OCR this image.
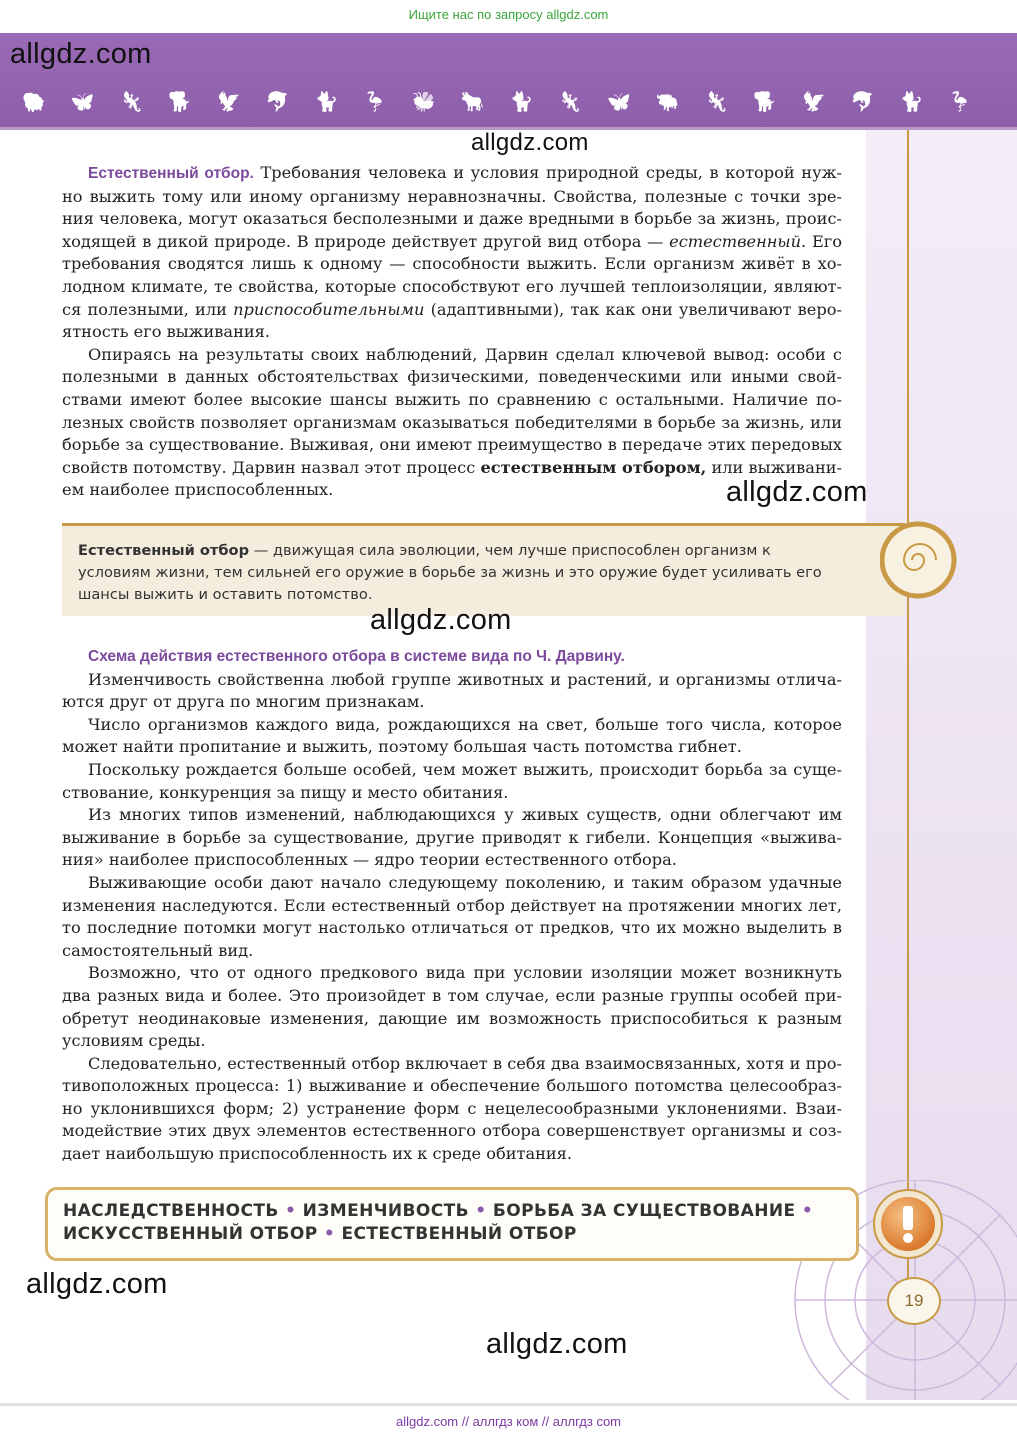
Ищите нас по запросу allgdz.com
🐏 🦋 🦎 🐕 🦅 🐬 🐈 🦩 🐝 🐂 🐈 🦎 🦋 🐃 🦎 🐕 🦅 🐬 🐈 🦩
allgdz.com
allgdz.com
allgdz.com
allgdz.com
allgdz.com
allgdz.com

Естественный отбор. Требования человека и условия природной среды, в которой нужно выжить тому или иному организму неравнозначны. Свойства, полезные с точки зрения человека, могут оказаться бесполезными и даже вредными в борьбе за жизнь, происходящей в дикой природе. В природе действует другой вид отбора — естественный. Его требования сводятся лишь к одному — способности выжить. Если организм живёт в холодном климате, те свойства, которые способствуют его лучшей теплоизоляции, являются полезными, или приспособительными (адаптивными), так как они увеличивают вероятность его выживания.

Опираясь на результаты своих наблюдений, Дарвин сделал ключевой вывод: особи с полезными в данных обстоятельствах физическими, поведенческими или иными свойствами имеют более высокие шансы выжить по сравнению с остальными. Наличие полезных свойств позволяет организмам оказываться победителями в борьбе за жизнь, или борьбе за существование. Выживая, они имеют преимущество в передаче этих передовых свойств потомству. Дарвин назвал этот процесс естественным отбором, или выживанием наиболее приспособленных.

Естественный отбор — движущая сила эволюции, чем лучше приспособлен организм к условиям жизни, тем сильней его оружие в борьбе за жизнь и это оружие будет усиливать его шансы выжить и оставить потомство.

Схема действия естественного отбора в системе вида по Ч. Дарвину.

Изменчивость свойственна любой группе животных и растений, и организмы отличаются друг от друга по многим признакам.

Число организмов каждого вида, рождающихся на свет, больше того числа, которое может найти пропитание и выжить, поэтому большая часть потомства гибнет.

Поскольку рождается больше особей, чем может выжить, происходит борьба за существование, конкуренция за пищу и место обитания.

Из многих типов изменений, наблюдающихся у живых существ, одни облегчают им выживание в борьбе за существование, другие приводят к гибели. Концепция «выживания» наиболее приспособленных — ядро теории естественного отбора.

Выживающие особи дают начало следующему поколению, и таким образом удачные изменения наследуются. Если естественный отбор действует на протяжении многих лет, то последние потомки могут настолько отличаться от предков, что их можно выделить в самостоятельный вид.

Возможно, что от одного предкового вида при условии изоляции может возникнуть два разных вида и более. Это произойдет в том случае, если разные группы особей приобретут неодинаковые изменения, дающие им возможность приспособиться к разным условиям среды.

Следовательно, естественный отбор включает в себя два взаимосвязанных, хотя и противоположных процесса: 1) выживание и обеспечение большого потомства целесообразно уклонившихся форм; 2) устранение форм с нецелесообразными уклонениями. Взаимодействие этих двух элементов естественного отбора совершенствует организмы и создает наибольшую приспособленность их к среде обитания.

НАСЛЕДСТВЕННОСТЬ • ИЗМЕНЧИВОСТЬ • БОРЬБА ЗА СУЩЕСТВОВАНИЕ •
ИСКУССТВЕННЫЙ ОТБОР • ЕСТЕСТВЕННЫЙ ОТБОР
19
allgdz.com // аллгдз ком // аллгдз com
